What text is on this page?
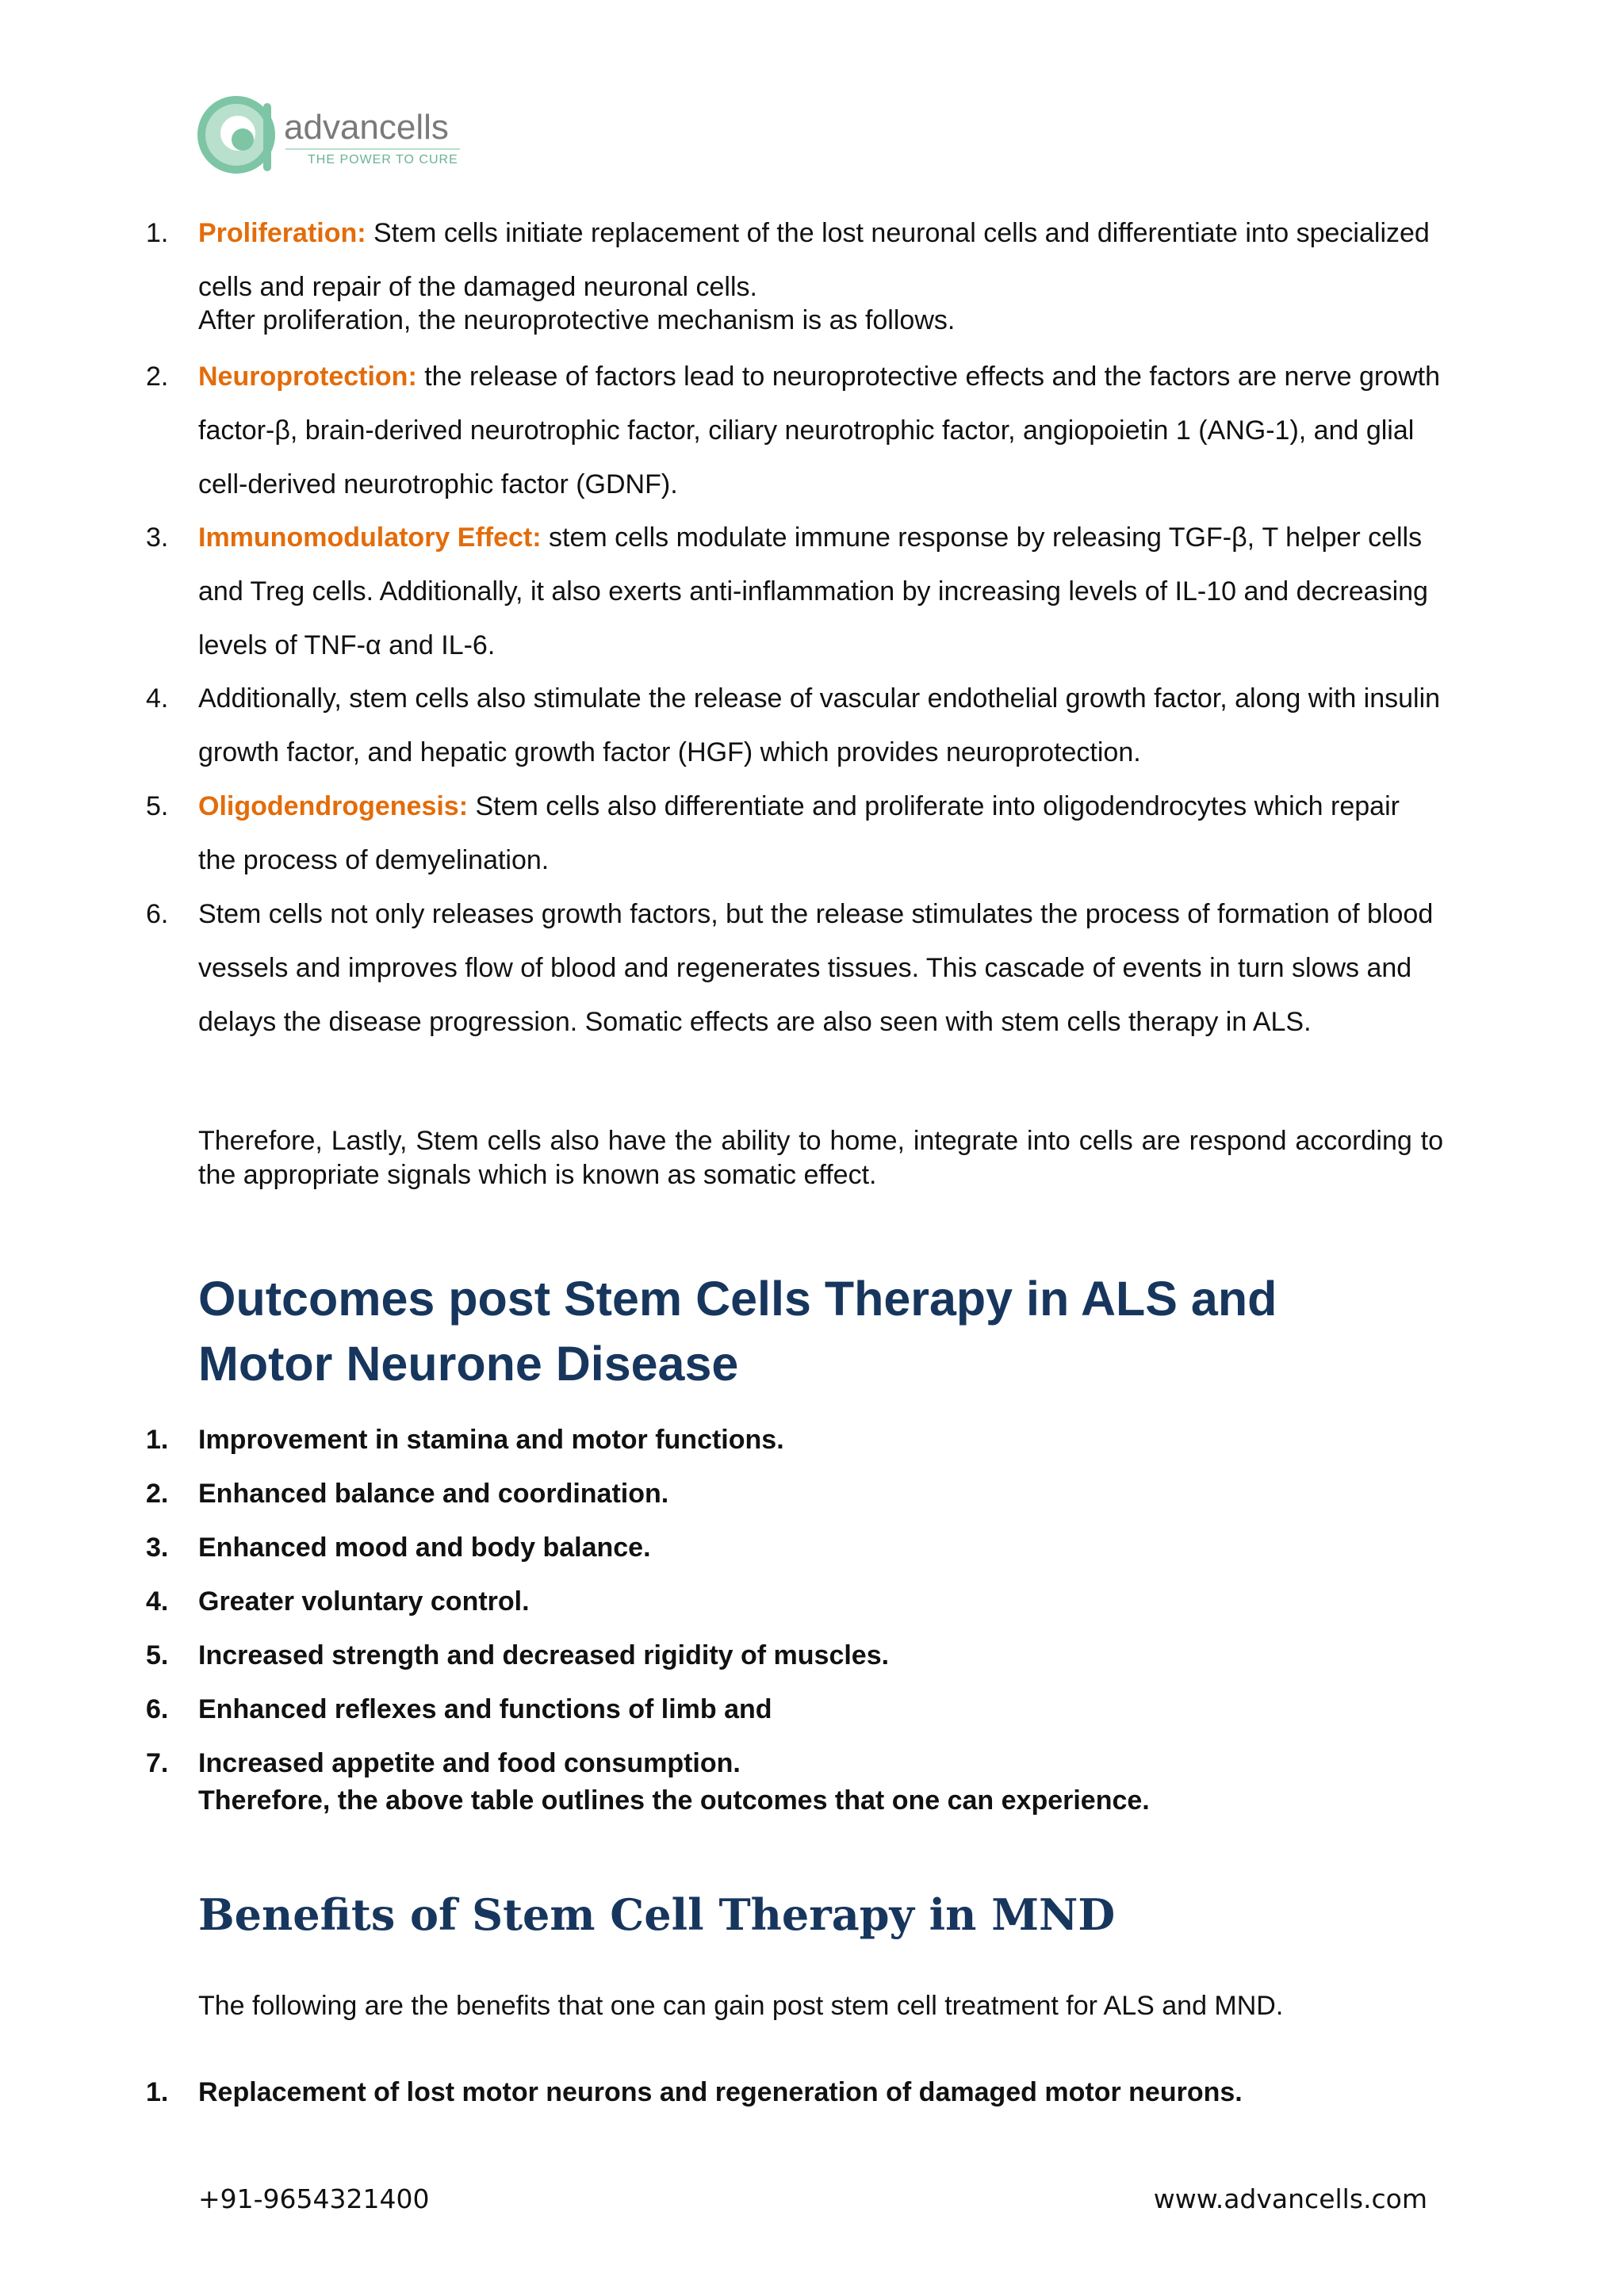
advancells
THE POWER TO CURE
1.	Proliferation: Stem cells initiate replacement of the lost neuronal cells and differentiate into specialized cells and repair of the damaged neuronal cells.
After proliferation, the neuroprotective mechanism is as follows.
2.	Neuroprotection: the release of factors lead to neuroprotective effects and the factors are nerve growth factor-β, brain-derived neurotrophic factor, ciliary neurotrophic factor, angiopoietin 1 (ANG-1), and glial cell-derived neurotrophic factor (GDNF).
3.	Immunomodulatory Effect: stem cells modulate immune response by releasing TGF-β, T helper cells and Treg cells. Additionally, it also exerts anti-inflammation by increasing levels of IL-10 and decreasing levels of TNF-α and IL-6.
4.	Additionally, stem cells also stimulate the release of vascular endothelial growth factor, along with insulin growth factor, and hepatic growth factor (HGF) which provides neuroprotection.
5.	Oligodendrogenesis: Stem cells also differentiate and proliferate into oligodendrocytes which repair the process of demyelination.
6.	Stem cells not only releases growth factors, but the release stimulates the process of formation of blood vessels and improves flow of blood and regenerates tissues. This cascade of events in turn slows and delays the disease progression. Somatic effects are also seen with stem cells therapy in ALS.
Therefore, Lastly, Stem cells also have the ability to home, integrate into cells are respond according to the appropriate signals which is known as somatic effect.
Outcomes post Stem Cells Therapy in ALS and
Motor Neurone Disease
1.	Improvement in stamina and motor functions.
2.	Enhanced balance and coordination.
3.	Enhanced mood and body balance.
4.	Greater voluntary control.
5.	Increased strength and decreased rigidity of muscles.
6.	Enhanced reflexes and functions of limb and
7.	Increased appetite and food consumption.
Therefore, the above table outlines the outcomes that one can experience.
Benefits of Stem Cell Therapy in MND
The following are the benefits that one can gain post stem cell treatment for ALS and MND.
1.	Replacement of lost motor neurons and regeneration of damaged motor neurons.
+91-9654321400	www.advancells.com
